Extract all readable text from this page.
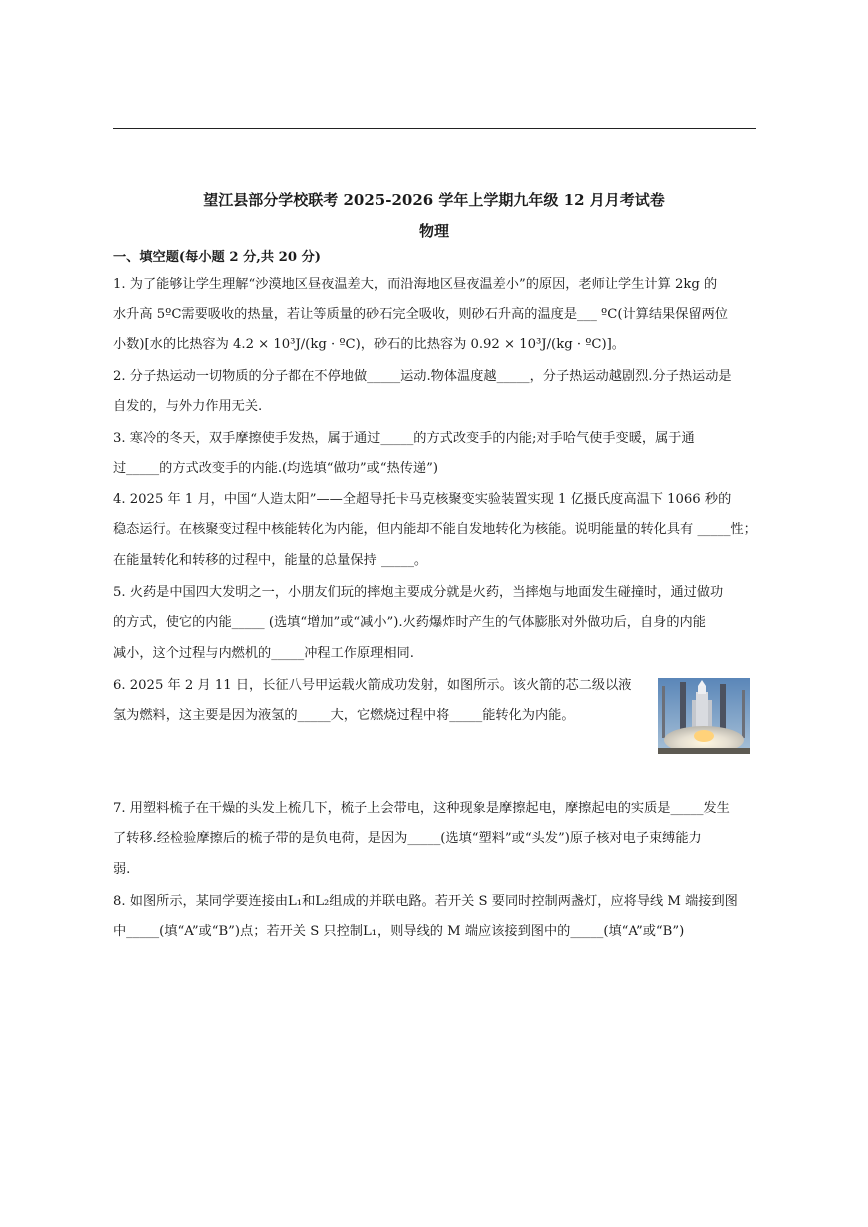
望江县部分学校联考 2025-2026 学年上学期九年级 12 月月考试卷
物理
一、填空题(每小题 2 分,共 20 分)
1. 为了能够让学生理解“沙漠地区昼夜温差大，而沿海地区昼夜温差小”的原因，老师让学生计算 2kg 的
水升高 5ºC需要吸收的热量，若让等质量的砂石完全吸收，则砂石升高的温度是___ ºC(计算结果保留两位
小数)[水的比热容为 4.2 × 10³J/(kg · ºC)，砂石的比热容为 0.92 × 10³J/(kg · ºC)]。
2. 分子热运动一切物质的分子都在不停地做_____运动.物体温度越_____，分子热运动越剧烈.分子热运动是
自发的，与外力作用无关.
3. 寒冷的冬天，双手摩擦使手发热，属于通过_____的方式改变手的内能;对手哈气使手变暖，属于通
过_____的方式改变手的内能.(均选填“做功”或“热传递”)
4. 2025 年 1 月，中国“人造太阳”——全超导托卡马克核聚变实验装置实现 1 亿摄氏度高温下 1066 秒的
稳态运行。在核聚变过程中核能转化为内能，但内能却不能自发地转化为核能。说明能量的转化具有 _____性；
在能量转化和转移的过程中，能量的总量保持 _____。
5. 火药是中国四大发明之一，小朋友们玩的摔炮主要成分就是火药，当摔炮与地面发生碰撞时，通过做功
的方式，使它的内能_____ (选填“增加”或“减小”).火药爆炸时产生的气体膨胀对外做功后，自身的内能
减小，这个过程与内燃机的_____冲程工作原理相同.
6. 2025 年 2 月 11 日，长征八号甲运载火箭成功发射，如图所示。该火箭的芯二级以液
氢为燃料，这主要是因为液氢的_____大，它燃烧过程中将_____能转化为内能。
7. 用塑料梳子在干燥的头发上梳几下，梳子上会带电，这种现象是摩擦起电，摩擦起电的实质是_____发生
了转移.经检验摩擦后的梳子带的是负电荷，是因为_____(选填“塑料”或“头发”)原子核对电子束缚能力
弱.
8. 如图所示，某同学要连接由L₁和L₂组成的并联电路。若开关 S 要同时控制两盏灯，应将导线 M 端接到图
中_____(填“A”或“B”)点；若开关 S 只控制L₁，则导线的 M 端应该接到图中的_____(填“A”或“B”)
